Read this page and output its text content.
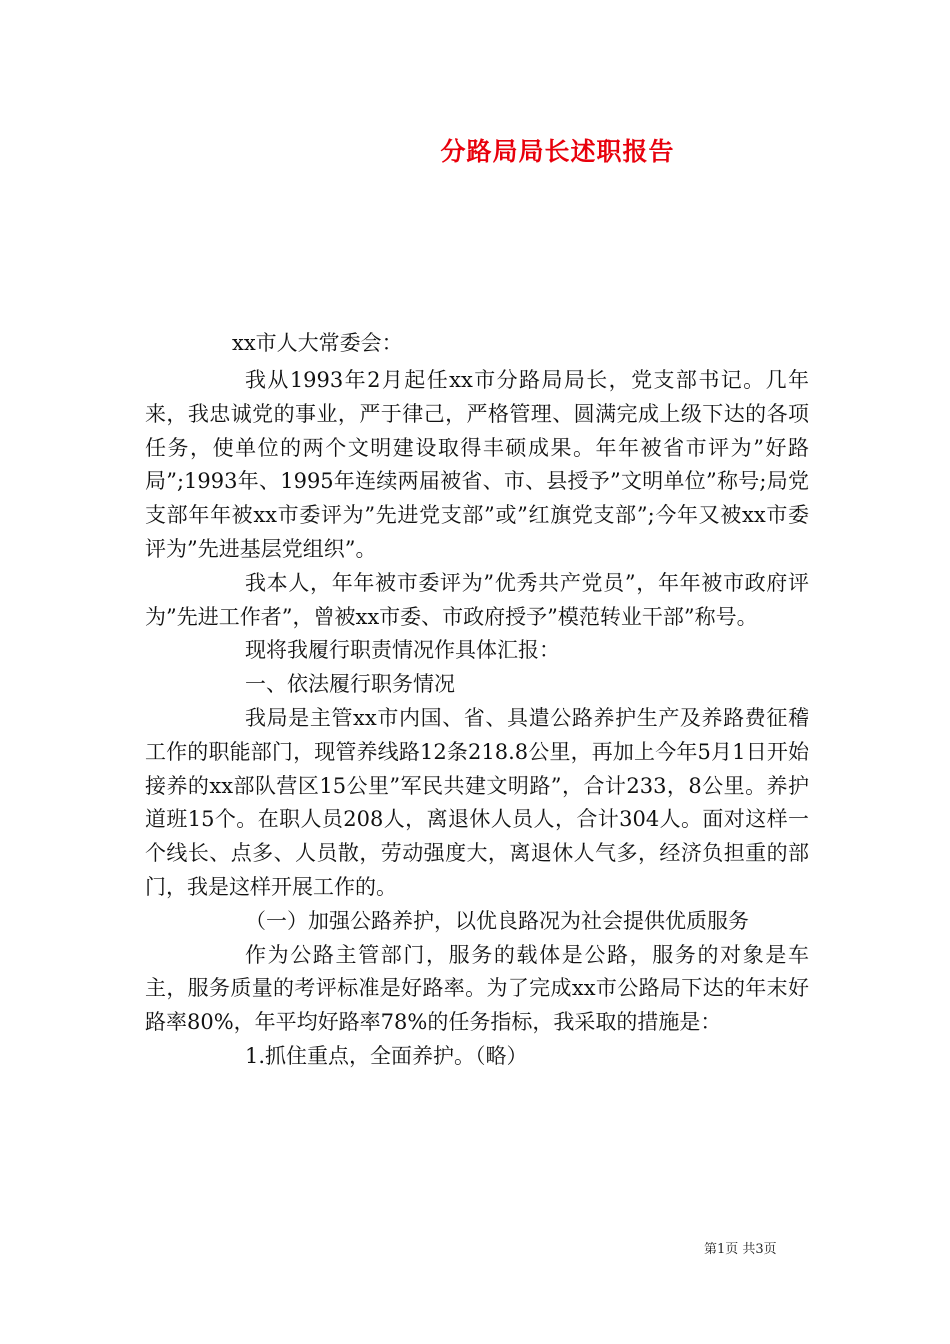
分路局局长述职报告
xx市人大常委会：

我从1993年2月起任xx市分路局局长，党支部书记。几年来，我忠诚党的事业，严于律己，严格管理、圆满完成上级下达的各项任务，使单位的两个文明建设取得丰硕成果。年年被省市评为”好路局”;1993年、1995年连续两届被省、市、县授予”文明单位”称号;局党支部年年被xx市委评为”先进党支部”或”红旗党支部”;今年又被xx市委评为”先进基层党组织”。

我本人，年年被市委评为”优秀共产党员”，年年被市政府评为”先进工作者”，曾被xx市委、市政府授予”模范转业干部”称号。

现将我履行职责情况作具体汇报：

一、依法履行职务情况

我局是主管xx市内国、省、具遣公路养护生产及养路费征稽工作的职能部门，现管养线路12条218.8公里，再加上今年5月1日开始接养的xx部队营区15公里”军民共建文明路”，合计233，8公里。养护道班15个。在职人员208人，离退休人员人，合计304人。面对这样一个线长、点多、人员散，劳动强度大，离退休人气多，经济负担重的部门，我是这样开展工作的。

（一）加强公路养护，以优良路况为社会提供优质服务

作为公路主管部门，服务的载体是公路，服务的对象是车主，服务质量的考评标准是好路率。为了完成xx市公路局下达的年末好路率80%，年平均好路率78%的任务指标，我采取的措施是：

1.抓住重点，全面养护。（略）

第1页 共3页
